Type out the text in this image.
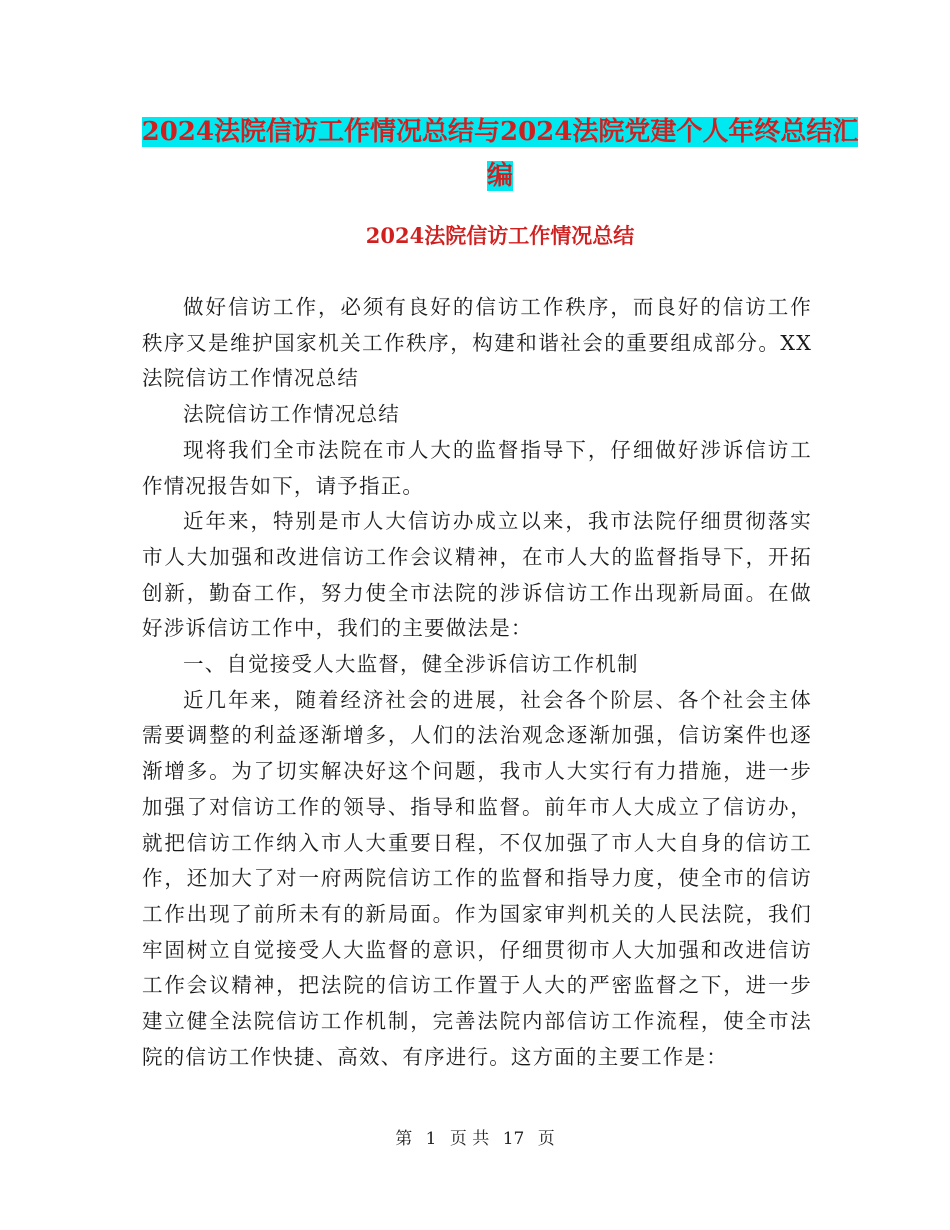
2024法院信访工作情况总结与2024法院党建个人年终总结汇编
2024法院信访工作情况总结

做好信访工作，必须有良好的信访工作秩序，而良好的信访工作秩序又是维护国家机关工作秩序，构建和谐社会的重要组成部分。XX法院信访工作情况总结

法院信访工作情况总结

现将我们全市法院在市人大的监督指导下，仔细做好涉诉信访工作情况报告如下，请予指正。

近年来，特别是市人大信访办成立以来，我市法院仔细贯彻落实市人大加强和改进信访工作会议精神，在市人大的监督指导下，开拓创新，勤奋工作，努力使全市法院的涉诉信访工作出现新局面。在做好涉诉信访工作中，我们的主要做法是：

一、自觉接受人大监督，健全涉诉信访工作机制

近几年来，随着经济社会的进展，社会各个阶层、各个社会主体需要调整的利益逐渐增多，人们的法治观念逐渐加强，信访案件也逐渐增多。为了切实解决好这个问题，我市人大实行有力措施，进一步加强了对信访工作的领导、指导和监督。前年市人大成立了信访办，就把信访工作纳入市人大重要日程，不仅加强了市人大自身的信访工作，还加大了对一府两院信访工作的监督和指导力度，使全市的信访工作出现了前所未有的新局面。作为国家审判机关的人民法院，我们牢固树立自觉接受人大监督的意识，仔细贯彻市人大加强和改进信访工作会议精神，把法院的信访工作置于人大的严密监督之下，进一步建立健全法院信访工作机制，完善法院内部信访工作流程，使全市法院的信访工作快捷、高效、有序进行。这方面的主要工作是：

第 1 页 共 17 页
